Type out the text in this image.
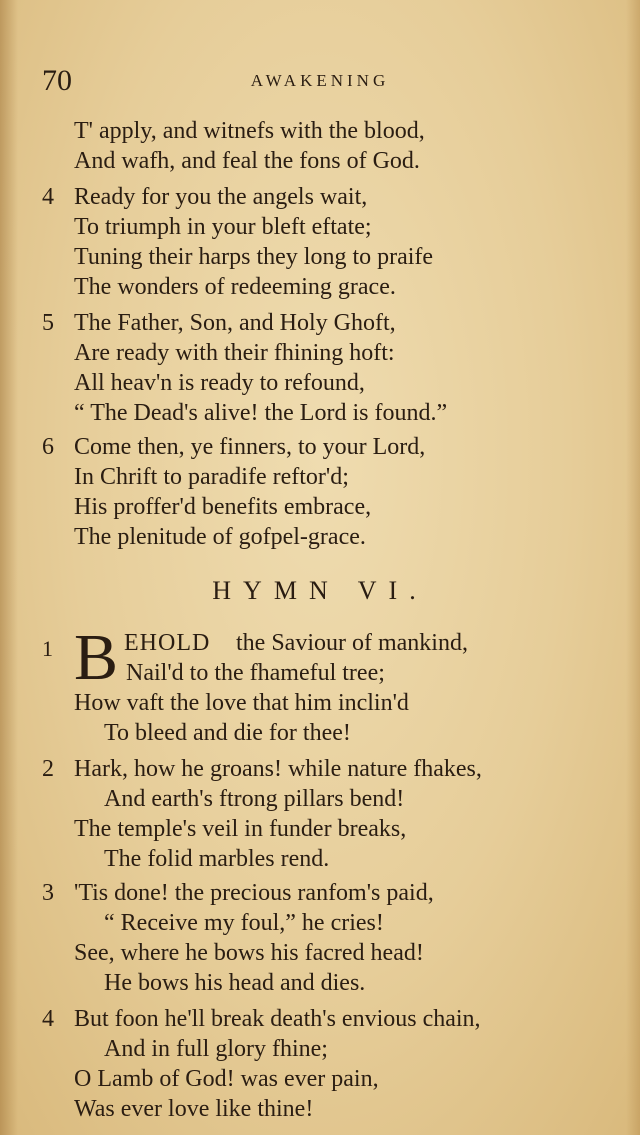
70	AWAKENING
T' apply, and witnefs with the blood,
And wafh, and feal the fons of God.
4 Ready for you the angels wait,
To triumph in your bleft eftate;
Tuning their harps they long to praife
The wonders of redeeming grace.
5 The Father, Son, and Holy Ghoft,
Are ready with their fhining hoft:
All heav'n is ready to refound,
“ The Dead's alive! the Lord is found.”
6 Come then, ye finners, to your Lord,
In Chrift to paradife reftor'd;
His proffer'd benefits embrace,
The plenitude of gofpel-grace.
HYMN VI.
1 B EHOLD the Saviour of mankind,
Nail'd to the fhameful tree;
How vaft the love that him inclin'd
To bleed and die for thee!
2 Hark, how he groans! while nature fhakes,
And earth's ftrong pillars bend!
The temple's veil in funder breaks,
The folid marbles rend.
3 'Tis done! the precious ranfom's paid,
“ Receive my foul,” he cries!
See, where he bows his facred head!
He bows his head and dies.
4 But foon he'll break death's envious chain,
And in full glory fhine;
O Lamb of God! was ever pain,
Was ever love like thine!
